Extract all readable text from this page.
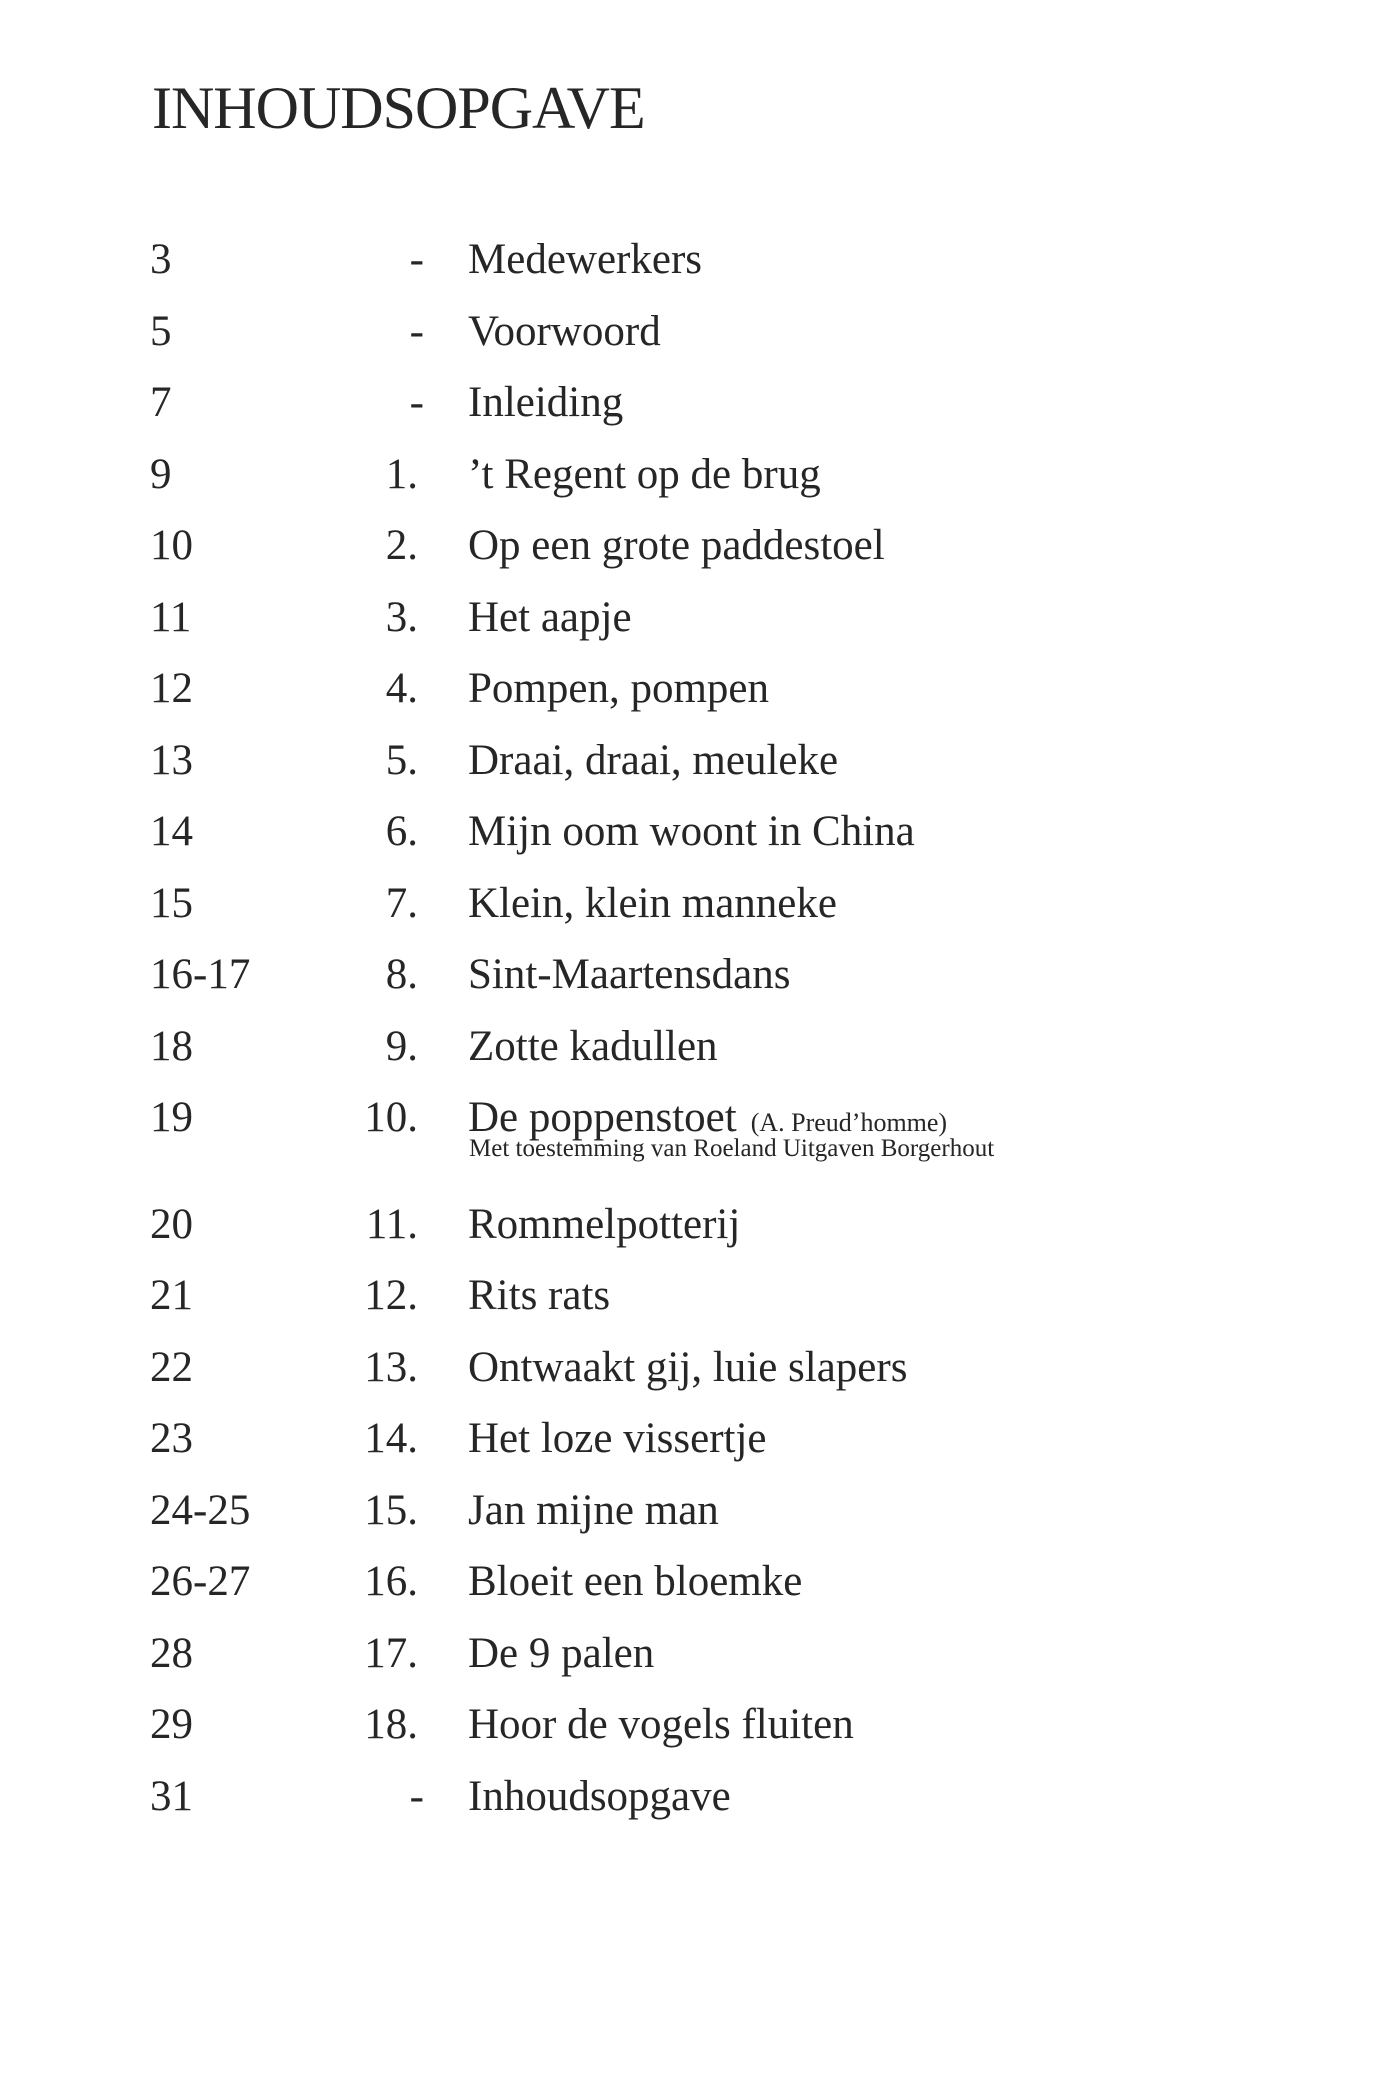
INHOUDSOPGAVE
3	- Medewerkers
5	- Voorwoord
7	- Inleiding
9	1. ’t Regent op de brug
10	2. Op een grote paddestoel
11	3. Het aapje
12	4. Pompen, pompen
13	5. Draai, draai, meuleke
14	6. Mijn oom woont in China
15	7. Klein, klein manneke
16-17	8. Sint-Maartensdans
18	9. Zotte kadullen
19	10. De poppenstoet (A. Preud’homme)
Met toestemming van Roeland Uitgaven Borgerhout
20	11. Rommelpotterij
21	12. Rits rats
22	13. Ontwaakt gij, luie slapers
23	14. Het loze vissertje
24-25	15. Jan mijne man
26-27	16. Bloeit een bloemke
28	17. De 9 palen
29	18. Hoor de vogels fluiten
31	- Inhoudsopgave
